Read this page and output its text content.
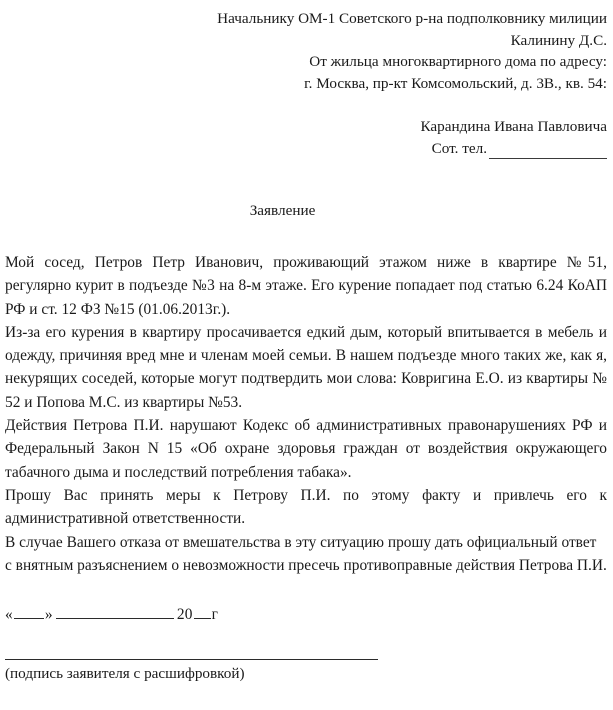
Начальнику ОМ-1 Советского р-на подполковнику милиции
Калинину Д.С.
От жильца многоквартирного дома по адресу:
г. Москва, пр-кт Комсомольский, д. 3В., кв. 54:
Карандина Ивана Павловича
Сот. тел.
Заявление

Мой сосед, Петров Петр Иванович, проживающий этажом ниже в квартире №51, регулярно курит в подъезде №3 на 8-м этаже. Его курение попадает под статью 6.24 КоАП РФ и ст. 12 ФЗ №15 (01.06.2013г.).

Из-за его курения в квартиру просачивается едкий дым, который впитывается в мебель и одежду, причиняя вред мне и членам моей семьи. В нашем подъезде много таких же, как я, некурящих соседей, которые могут подтвердить мои слова: Ковригина Е.О. из квартиры № 52 и Попова М.С. из квартиры №53.

Действия Петрова П.И. нарушают Кодекс об административных правонарушениях РФ и Федеральный Закон N 15 «Об охране здоровья граждан от воздействия окружающего табачного дыма и последствий потребления табака».

Прошу Вас принять меры к Петрову П.И. по этому факту и привлечь его к административной ответственности.

В случае Вашего отказа от вмешательства в эту ситуацию прошу дать официальный ответ с внятным разъяснением о невозможности пресечь противоправные действия Петрова П.И.

« »	20 г
(подпись заявителя с расшифровкой)
